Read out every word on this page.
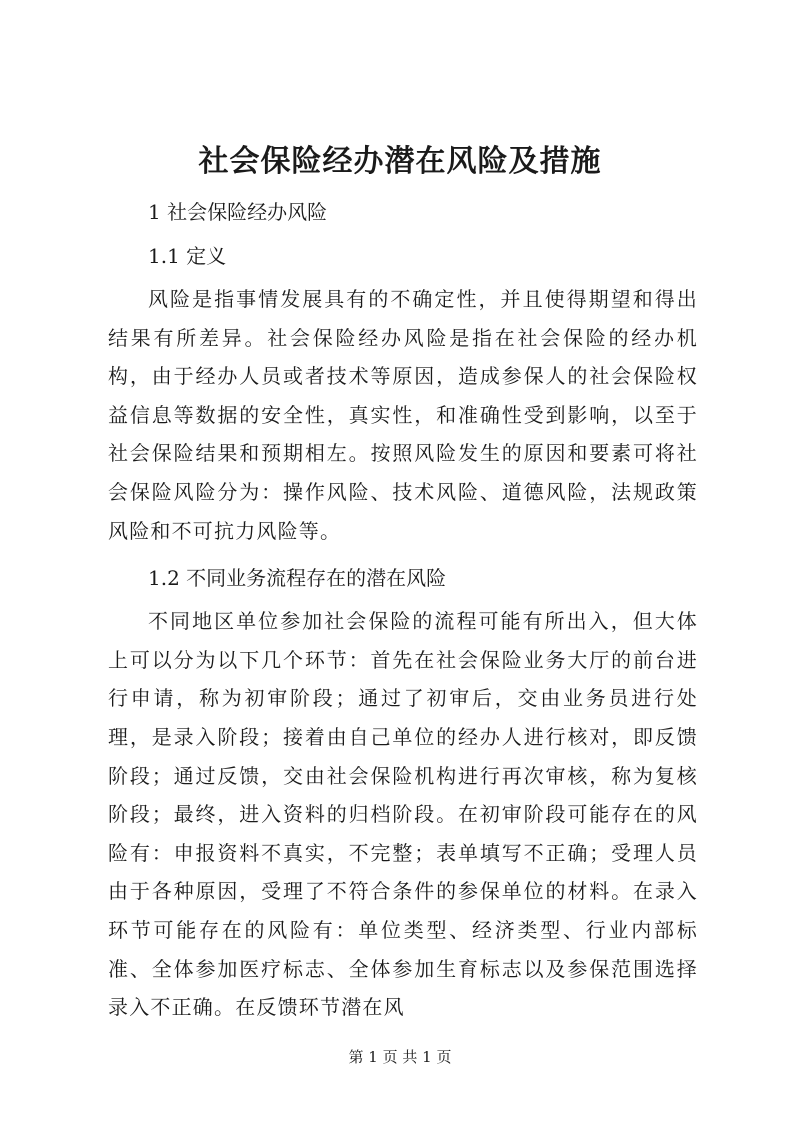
社会保险经办潜在风险及措施

1 社会保险经办风险

1.1 定义

风险是指事情发展具有的不确定性，并且使得期望和得出结果有所差异。社会保险经办风险是指在社会保险的经办机构，由于经办人员或者技术等原因，造成参保人的社会保险权益信息等数据的安全性，真实性，和准确性受到影响，以至于社会保险结果和预期相左。按照风险发生的原因和要素可将社会保险风险分为：操作风险、技术风险、道德风险，法规政策风险和不可抗力风险等。

1.2 不同业务流程存在的潜在风险

不同地区单位参加社会保险的流程可能有所出入，但大体上可以分为以下几个环节：首先在社会保险业务大厅的前台进行申请，称为初审阶段；通过了初审后，交由业务员进行处理，是录入阶段；接着由自己单位的经办人进行核对，即反馈阶段；通过反馈，交由社会保险机构进行再次审核，称为复核阶段；最终，进入资料的归档阶段。在初审阶段可能存在的风险有：申报资料不真实，不完整；表单填写不正确；受理人员由于各种原因，受理了不符合条件的参保单位的材料。在录入环节可能存在的风险有：单位类型、经济类型、行业内部标准、全体参加医疗标志、全体参加生育标志以及参保范围选择录入不正确。在反馈环节潜在风

第 1 页 共 1 页
